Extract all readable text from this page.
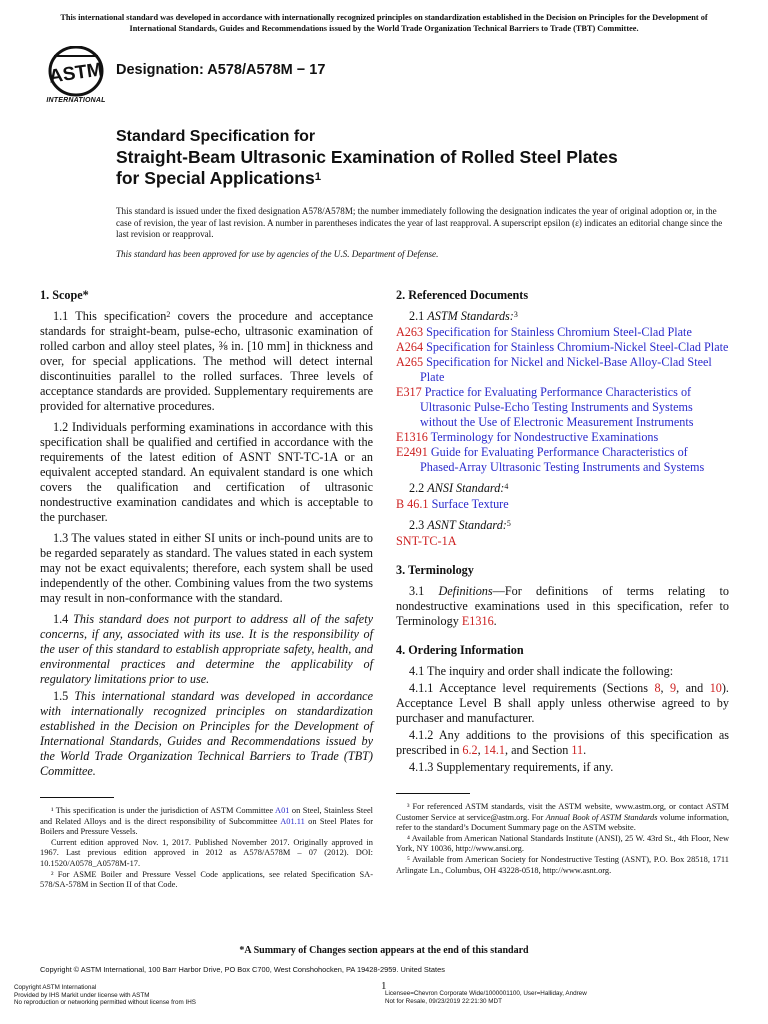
This international standard was developed in accordance with internationally recognized principles on standardization established in the Decision on Principles for the Development of International Standards, Guides and Recommendations issued by the World Trade Organization Technical Barriers to Trade (TBT) Committee.
ASTM
INTERNATIONAL
Designation: A578/A578M − 17
Standard Specification for
Straight-Beam Ultrasonic Examination of Rolled Steel Plates
for Special Applications$^1$
This standard is issued under the fixed designation A578/A578M; the number immediately following the designation indicates the year of original adoption or, in the case of revision, the year of last revision. A number in parentheses indicates the year of last reapproval. A superscript epsilon (ε) indicates an editorial change since the last revision or reapproval.
This standard has been approved for use by agencies of the U.S. Department of Defense.
1. Scope*

1.1 This specification$^2$ covers the procedure and acceptance standards for straight-beam, pulse-echo, ultrasonic examination of rolled carbon and alloy steel plates, ⅜ in. [10 mm] in thickness and over, for special applications. The method will detect internal discontinuities parallel to the rolled surfaces. Three levels of acceptance standards are provided. Supplementary requirements are provided for alternative procedures.

1.2 Individuals performing examinations in accordance with this specification shall be qualified and certified in accordance with the requirements of the latest edition of ASNT SNT-TC-1A or an equivalent accepted standard. An equivalent standard is one which covers the qualification and certification of ultrasonic nondestructive examination candidates and which is acceptable to the purchaser.

1.3 The values stated in either SI units or inch-pound units are to be regarded separately as standard. The values stated in each system may not be exact equivalents; therefore, each system shall be used independently of the other. Combining values from the two systems may result in non-conformance with the standard.

1.4 This standard does not purport to address all of the safety concerns, if any, associated with its use. It is the responsibility of the user of this standard to establish appropriate safety, health, and environmental practices and determine the applicability of regulatory limitations prior to use.

1.5 This international standard was developed in accordance with internationally recognized principles on standardization established in the Decision on Principles for the Development of International Standards, Guides and Recommendations issued by the World Trade Organization Technical Barriers to Trade (TBT) Committee.

¹ This specification is under the jurisdiction of ASTM Committee A01 on Steel, Stainless Steel and Related Alloys and is the direct responsibility of Subcommittee A01.11 on Steel Plates for Boilers and Pressure Vessels.

Current edition approved Nov. 1, 2017. Published November 2017. Originally approved in 1967. Last previous edition approved in 2012 as A578/A578M – 07 (2012). DOI: 10.1520/A0578_A0578M-17.

² For ASME Boiler and Pressure Vessel Code applications, see related Specification SA-578/SA-578M in Section II of that Code.

2. Referenced Documents

2.1 ASTM Standards:$^3$

A263 Specification for Stainless Chromium Steel-Clad Plate

A264 Specification for Stainless Chromium-Nickel Steel-Clad Plate

A265 Specification for Nickel and Nickel-Base Alloy-Clad Steel Plate

E317 Practice for Evaluating Performance Characteristics of Ultrasonic Pulse-Echo Testing Instruments and Systems without the Use of Electronic Measurement Instruments

E1316 Terminology for Nondestructive Examinations

E2491 Guide for Evaluating Performance Characteristics of Phased-Array Ultrasonic Testing Instruments and Systems

2.2 ANSI Standard:$^4$

B 46.1 Surface Texture

2.3 ASNT Standard:$^5$

SNT-TC-1A

3. Terminology

3.1 Definitions—For definitions of terms relating to nondestructive examinations used in this specification, refer to Terminology E1316.

4. Ordering Information

4.1 The inquiry and order shall indicate the following:

4.1.1 Acceptance level requirements (Sections 8, 9, and 10). Acceptance Level B shall apply unless otherwise agreed to by purchaser and manufacturer.

4.1.2 Any additions to the provisions of this specification as prescribed in 6.2, 14.1, and Section 11.

4.1.3 Supplementary requirements, if any.

³ For referenced ASTM standards, visit the ASTM website, www.astm.org, or contact ASTM Customer Service at service@astm.org. For Annual Book of ASTM Standards volume information, refer to the standard’s Document Summary page on the ASTM website.

⁴ Available from American National Standards Institute (ANSI), 25 W. 43rd St., 4th Floor, New York, NY 10036, http://www.ansi.org.

⁵ Available from American Society for Nondestructive Testing (ASNT), P.O. Box 28518, 1711 Arlingate Ln., Columbus, OH 43228-0518, http://www.asnt.org.

*A Summary of Changes section appears at the end of this standard
Copyright © ASTM International, 100 Barr Harbor Drive, PO Box C700, West Conshohocken, PA 19428-2959. United States
Copyright ASTM International
Provided by IHS Markit under license with ASTM
No reproduction or networking permitted without license from IHS
1
Licensee=Chevron Corporate Wide/1000001100, User=Halliday, Andrew
Not for Resale, 09/23/2019 22:21:30 MDT
